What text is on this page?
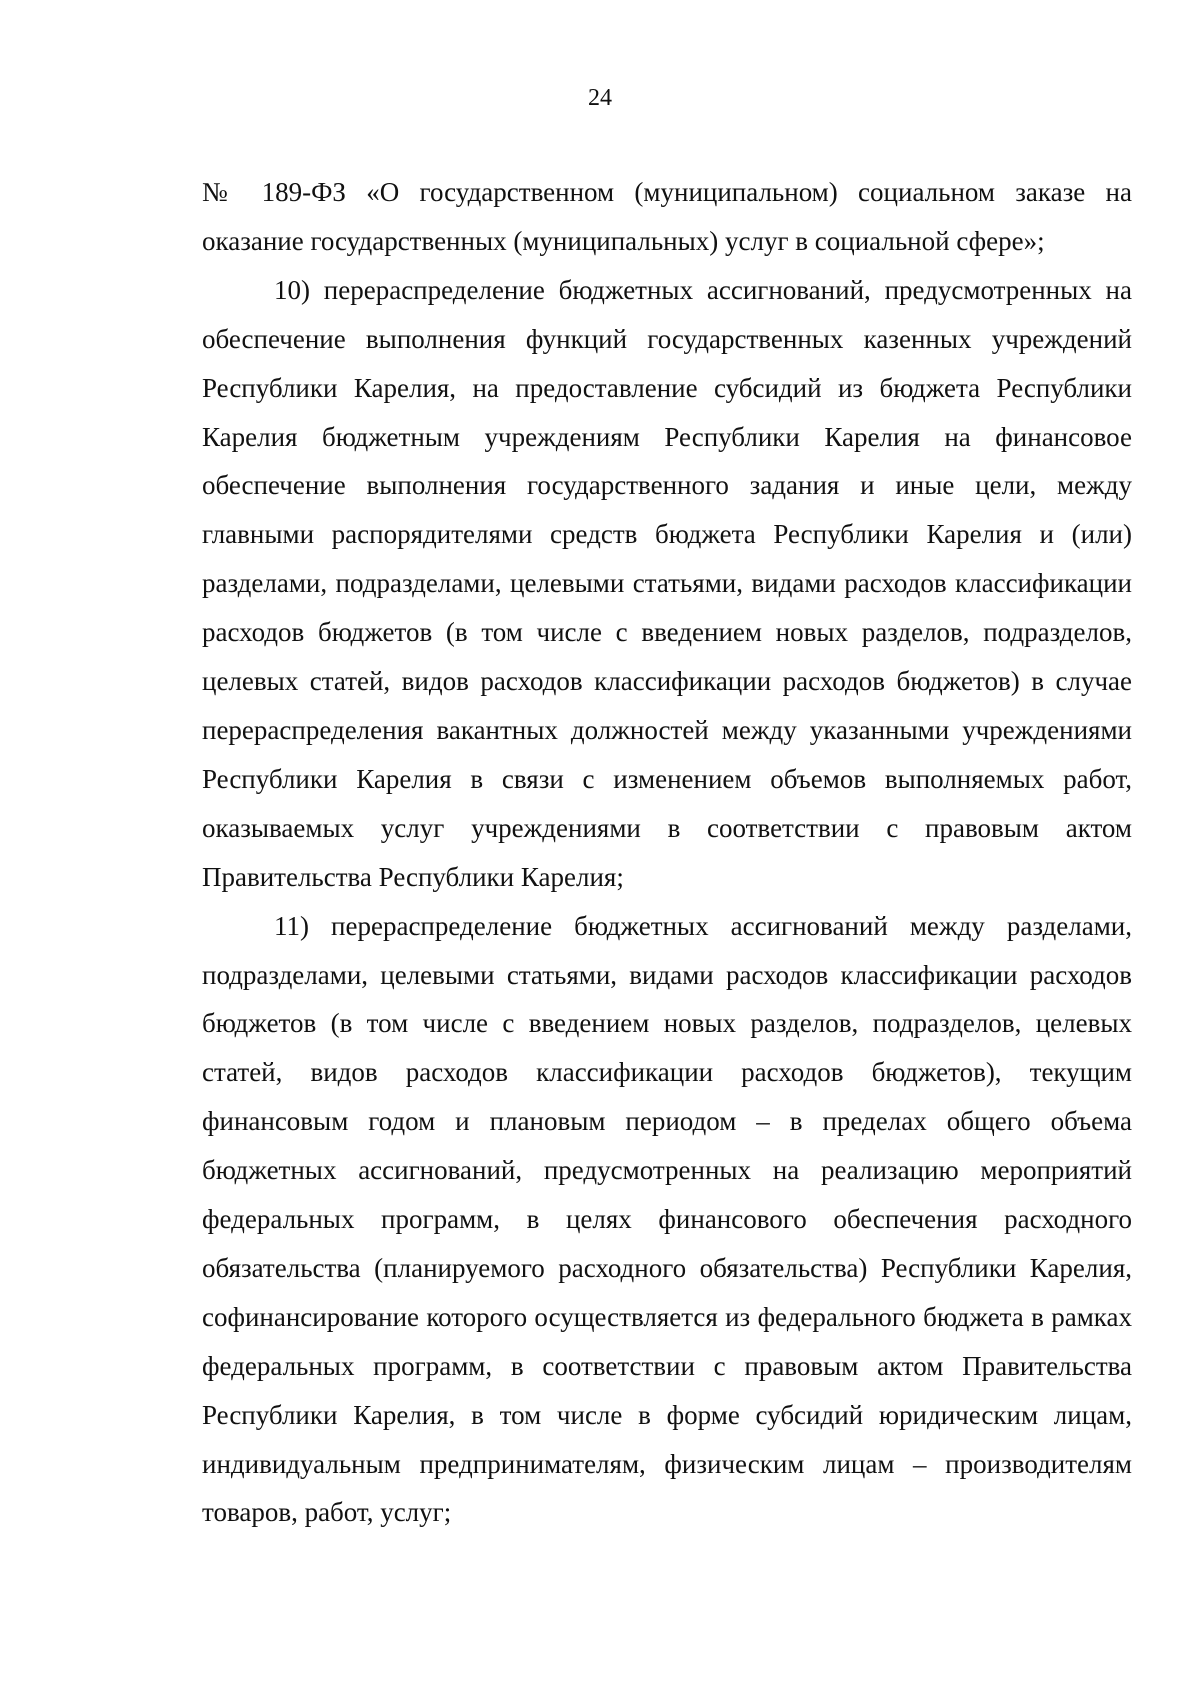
24

№ 189-ФЗ «О государственном (муниципальном) социальном заказе на оказание государственных (муниципальных) услуг в социальной сфере»;

10) перераспределение бюджетных ассигнований, предусмотренных на обеспечение выполнения функций государственных казенных учреждений Республики Карелия, на предоставление субсидий из бюджета Республики Карелия бюджетным учреждениям Республики Карелия на финансовое обеспечение выполнения государственного задания и иные цели, между главными распорядителями средств бюджета Республики Карелия и (или) разделами, подразделами, целевыми статьями, видами расходов классификации расходов бюджетов (в том числе с введением новых разделов, подразделов, целевых статей, видов расходов классификации расходов бюджетов) в случае перераспределения вакантных должностей между указанными учреждениями Республики Карелия в связи с изменением объемов выполняемых работ, оказываемых услуг учреждениями в соответствии с правовым актом Правительства Республики Карелия;

11) перераспределение бюджетных ассигнований между разделами, подразделами, целевыми статьями, видами расходов классификации расходов бюджетов (в том числе с введением новых разделов, подразделов, целевых статей, видов расходов классификации расходов бюджетов), текущим финансовым годом и плановым периодом – в пределах общего объема бюджетных ассигнований, предусмотренных на реализацию мероприятий федеральных программ, в целях финансового обеспечения расходного обязательства (планируемого расходного обязательства) Республики Карелия, софинансирование которого осуществляется из федерального бюджета в рамках федеральных программ, в соответствии с правовым актом Правительства Республики Карелия, в том числе в форме субсидий юридическим лицам, индивидуальным предпринимателям, физическим лицам – производителям товаров, работ, услуг;
